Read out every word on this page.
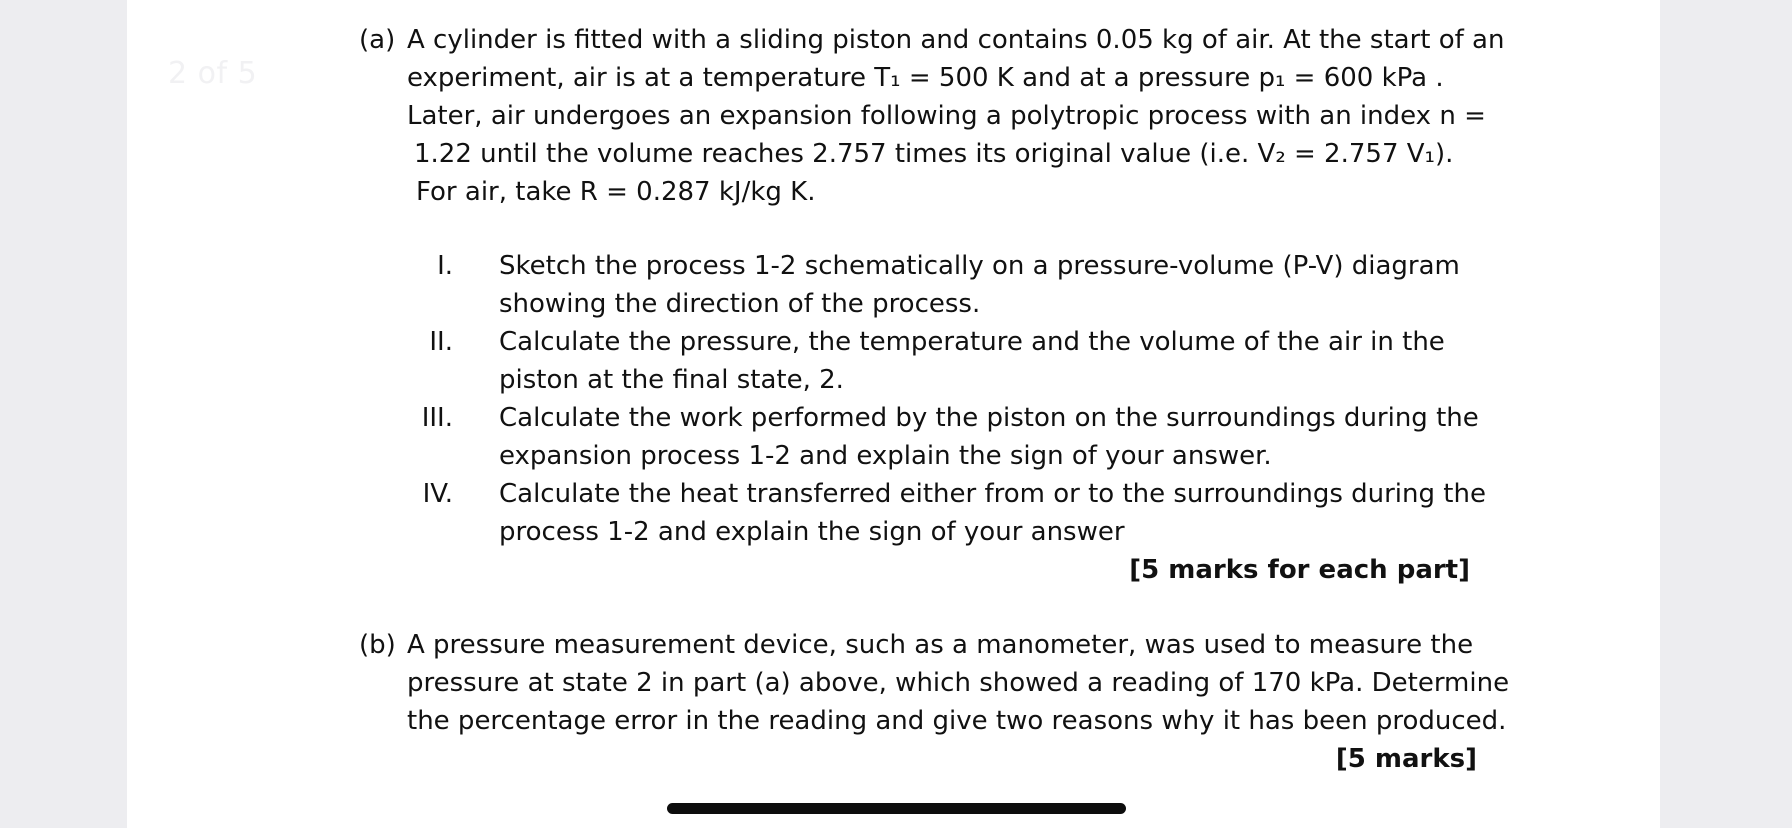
2 of 5
(a) A cylinder is fitted with a sliding piston and contains 0.05 kg of air. At the start of an
experiment, air is at a temperature T₁ = 500 K and at a pressure p₁ = 600 kPa .
Later, air undergoes an expansion following a polytropic process with an index n =
1.22 until the volume reaches 2.757 times its original value (i.e. V₂ = 2.757 V₁).
For air, take R = 0.287 kJ/kg K.
I. Sketch the process 1-2 schematically on a pressure-volume (P-V) diagram
showing the direction of the process.
II. Calculate the pressure, the temperature and the volume of the air in the
piston at the final state, 2.
III. Calculate the work performed by the piston on the surroundings during the
expansion process 1-2 and explain the sign of your answer.
IV. Calculate the heat transferred either from or to the surroundings during the
process 1-2 and explain the sign of your answer
[5 marks for each part]
(b) A pressure measurement device, such as a manometer, was used to measure the
pressure at state 2 in part (a) above, which showed a reading of 170 kPa. Determine
the percentage error in the reading and give two reasons why it has been produced.
[5 marks]
